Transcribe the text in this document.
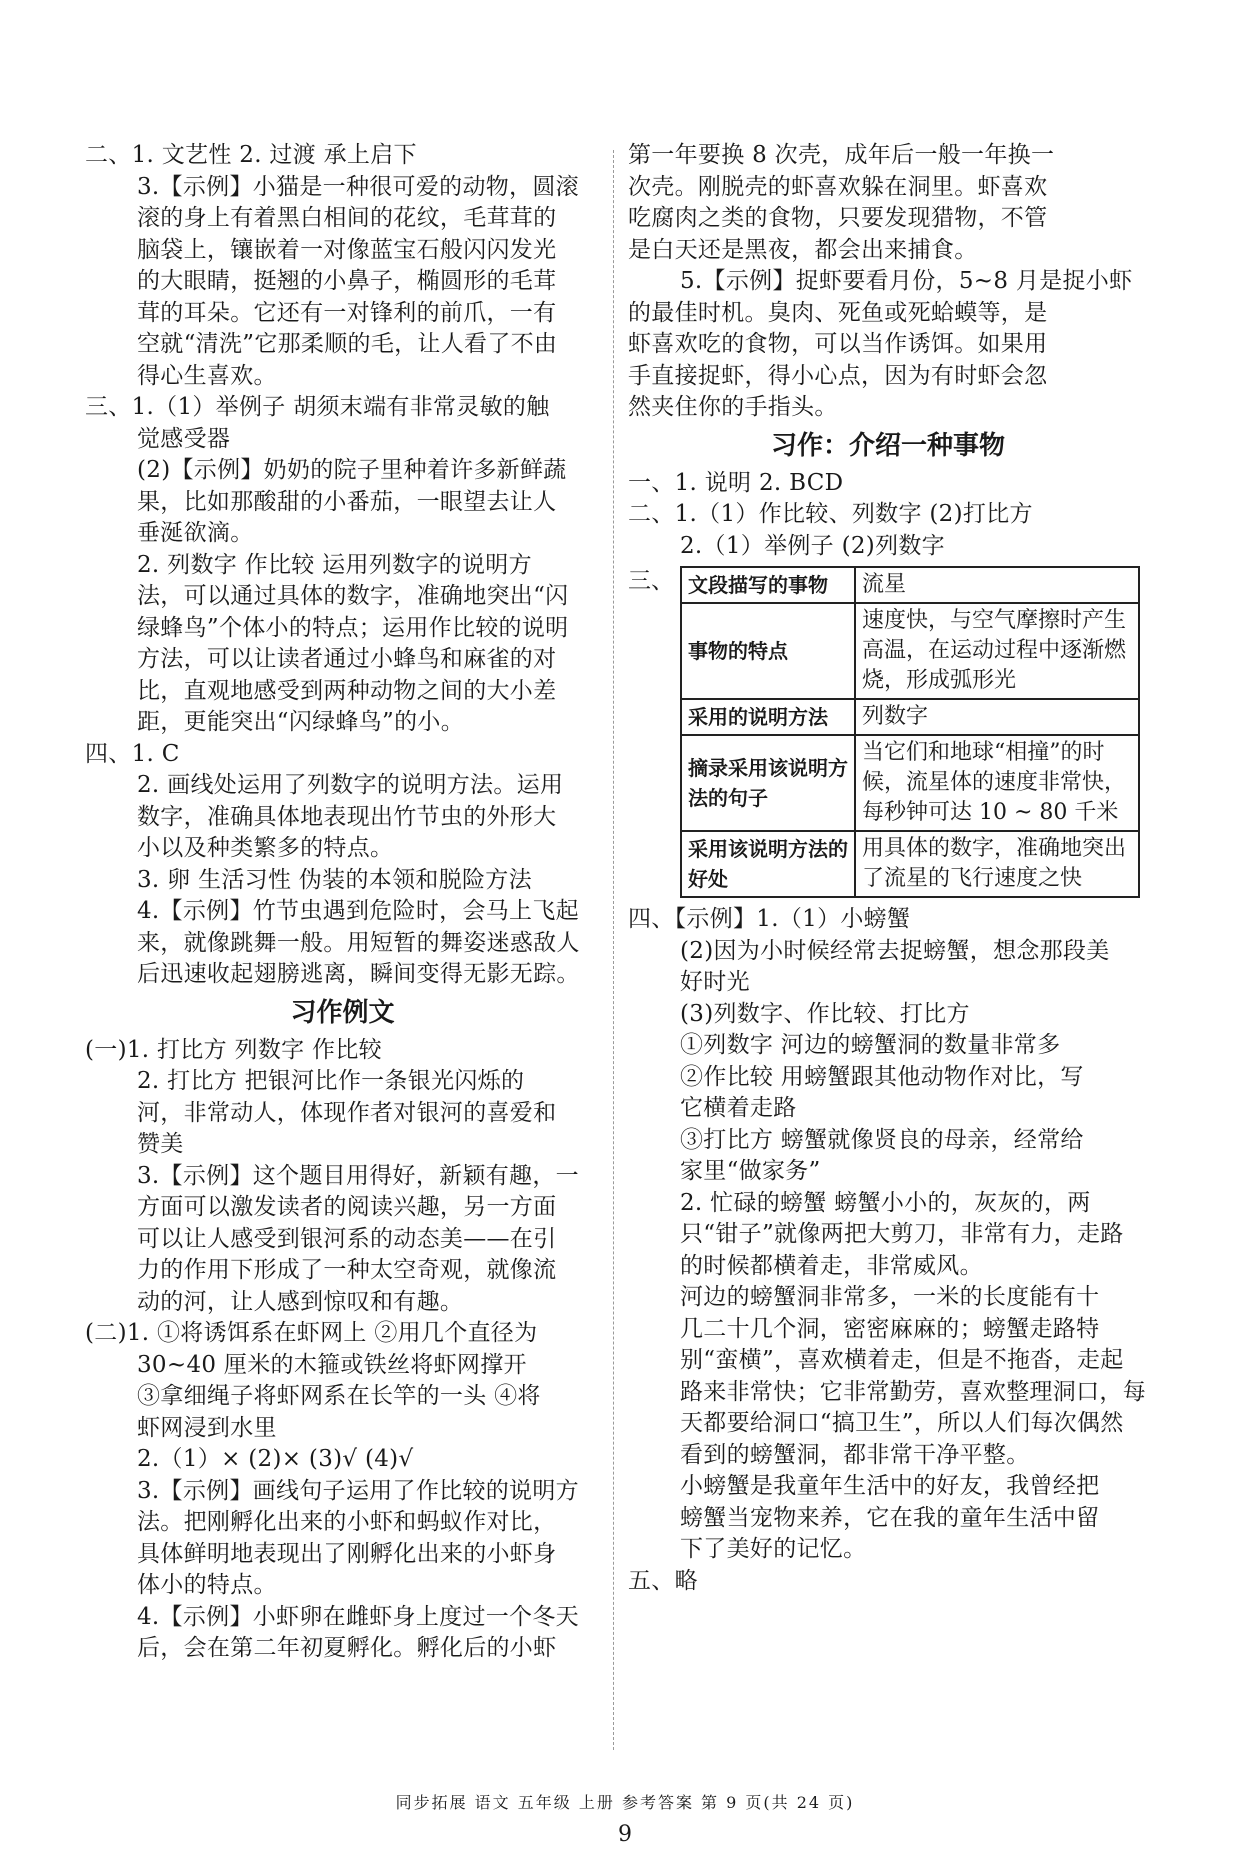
二、1. 文艺性 2. 过渡 承上启下
3.【示例】小猫是一种很可爱的动物，圆滚
滚的身上有着黑白相间的花纹，毛茸茸的
脑袋上，镶嵌着一对像蓝宝石般闪闪发光
的大眼睛，挺翘的小鼻子，椭圆形的毛茸
茸的耳朵。它还有一对锋利的前爪，一有
空就“清洗”它那柔顺的毛，让人看了不由
得心生喜欢。
三、1.（1）举例子 胡须末端有非常灵敏的触
觉感受器
(2)【示例】奶奶的院子里种着许多新鲜蔬
果，比如那酸甜的小番茄，一眼望去让人
垂涎欲滴。
2. 列数字 作比较 运用列数字的说明方
法，可以通过具体的数字，准确地突出“闪
绿蜂鸟”个体小的特点；运用作比较的说明
方法，可以让读者通过小蜂鸟和麻雀的对
比，直观地感受到两种动物之间的大小差
距，更能突出“闪绿蜂鸟”的小。
四、1. C
2. 画线处运用了列数字的说明方法。运用
数字，准确具体地表现出竹节虫的外形大
小以及种类繁多的特点。
3. 卵 生活习性 伪装的本领和脱险方法
4.【示例】竹节虫遇到危险时，会马上飞起
来，就像跳舞一般。用短暂的舞姿迷惑敌人
后迅速收起翅膀逃离，瞬间变得无影无踪。
习作例文
(一)1. 打比方 列数字 作比较
2. 打比方 把银河比作一条银光闪烁的
河，非常动人，体现作者对银河的喜爱和
赞美
3.【示例】这个题目用得好，新颖有趣，一
方面可以激发读者的阅读兴趣，另一方面
可以让人感受到银河系的动态美——在引
力的作用下形成了一种太空奇观，就像流
动的河，让人感到惊叹和有趣。
(二)1. ①将诱饵系在虾网上 ②用几个直径为
30~40 厘米的木箍或铁丝将虾网撑开
③拿细绳子将虾网系在长竿的一头 ④将
虾网浸到水里
2.（1）× (2)× (3)√ (4)√
3.【示例】画线句子运用了作比较的说明方
法。把刚孵化出来的小虾和蚂蚁作对比，
具体鲜明地表现出了刚孵化出来的小虾身
体小的特点。
4.【示例】小虾卵在雌虾身上度过一个冬天
后，会在第二年初夏孵化。孵化后的小虾
第一年要换 8 次壳，成年后一般一年换一
次壳。刚脱壳的虾喜欢躲在洞里。虾喜欢
吃腐肉之类的食物，只要发现猎物，不管
是白天还是黑夜，都会出来捕食。
5.【示例】捉虾要看月份，5~8 月是捉小虾
的最佳时机。臭肉、死鱼或死蛤蟆等，是
虾喜欢吃的食物，可以当作诱饵。如果用
手直接捉虾，得小心点，因为有时虾会忽
然夹住你的手指头。
习作：介绍一种事物
一、1. 说明 2. BCD
二、1.（1）作比较、列数字 (2)打比方
2.（1）举例子 (2)列数字
三、 文段描写的事物	流星
事物的特点	速度快，与空气摩擦时产生高温，在运动过程中逐渐燃烧，形成弧形光
采用的说明方法	列数字
摘录采用该说明方法的句子	当它们和地球“相撞”的时候，流星体的速度非常快，每秒钟可达 10 ~ 80 千米
采用该说明方法的好处	用具体的数字，准确地突出了流星的飞行速度之快
四、【示例】1.（1）小螃蟹
(2)因为小时候经常去捉螃蟹，想念那段美
好时光
(3)列数字、作比较、打比方
①列数字 河边的螃蟹洞的数量非常多
②作比较 用螃蟹跟其他动物作对比，写
它横着走路
③打比方 螃蟹就像贤良的母亲，经常给
家里“做家务”
2. 忙碌的螃蟹 螃蟹小小的，灰灰的，两
只“钳子”就像两把大剪刀，非常有力，走路
的时候都横着走，非常威风。
河边的螃蟹洞非常多，一米的长度能有十
几二十几个洞，密密麻麻的；螃蟹走路特
别“蛮横”，喜欢横着走，但是不拖沓，走起
路来非常快；它非常勤劳，喜欢整理洞口，每
天都要给洞口“搞卫生”，所以人们每次偶然
看到的螃蟹洞，都非常干净平整。
小螃蟹是我童年生活中的好友，我曾经把
螃蟹当宠物来养，它在我的童年生活中留
下了美好的记忆。
五、略
同步拓展 语文 五年级 上册 参考答案 第 9 页(共 24 页)
9
